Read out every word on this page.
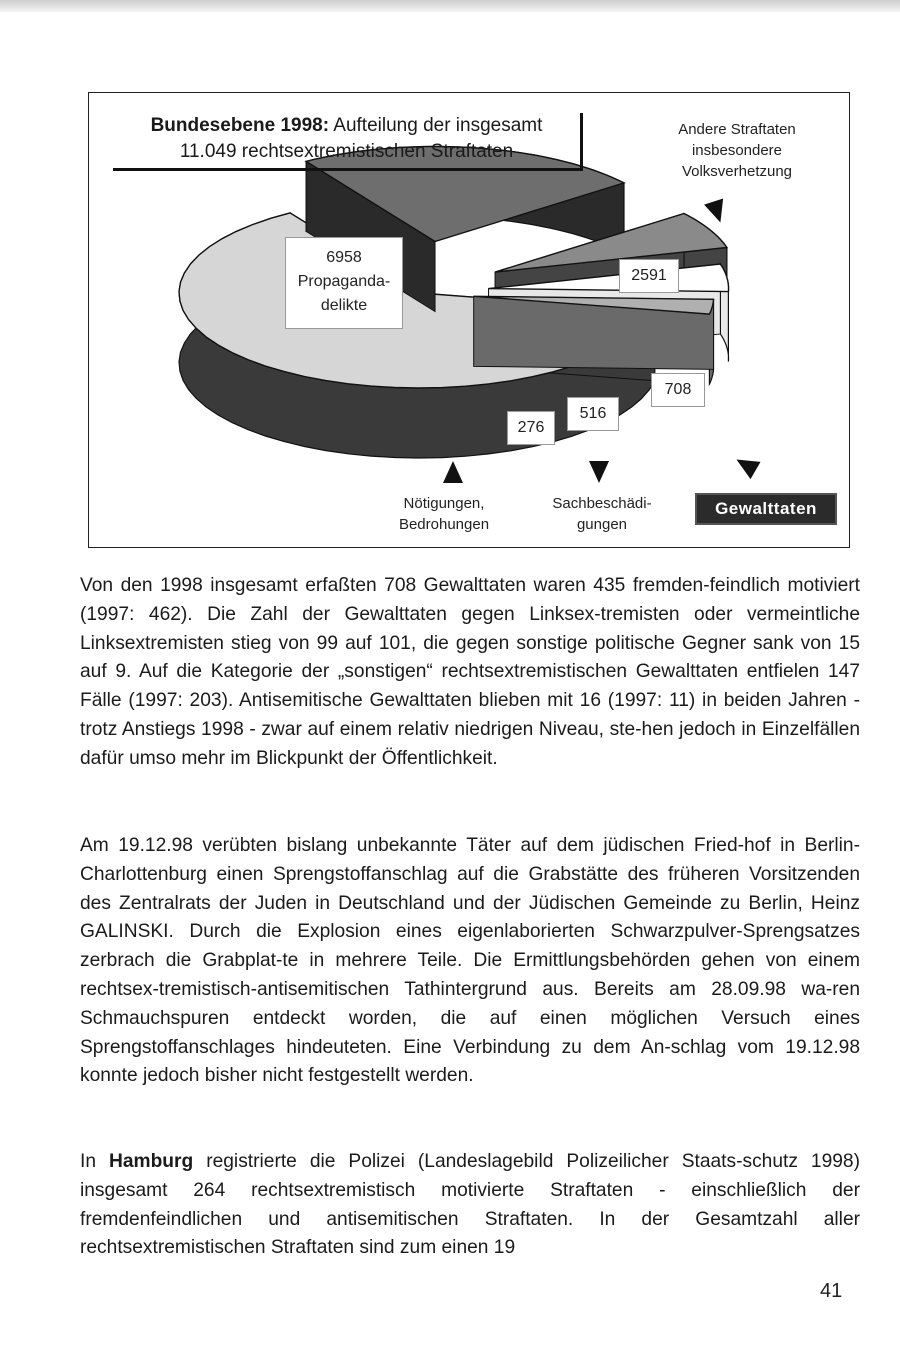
Bundesebene 1998: Aufteilung der insgesamt
11.049 rechtsextremistischen Straftaten
Andere Straftaten
insbesondere
Volksverhetzung
6958
Propaganda-
delikte
2591
708
516
276
Nötigungen,
Bedrohungen
Sachbeschädi-
gungen
Gewalttaten
Von den 1998 insgesamt erfaßten 708 Gewalttaten waren 435 fremden-feindlich motiviert (1997: 462). Die Zahl der Gewalttaten gegen Linksex-tremisten oder vermeintliche Linksextremisten stieg von 99 auf 101, die gegen sonstige politische Gegner sank von 15 auf 9. Auf die Kategorie der „sonstigen“ rechtsextremistischen Gewalttaten entfielen 147 Fälle (1997: 203). Antisemitische Gewalttaten blieben mit 16 (1997: 11) in beiden Jahren - trotz Anstiegs 1998 - zwar auf einem relativ niedrigen Niveau, ste-hen jedoch in Einzelfällen dafür umso mehr im Blickpunkt der Öffentlichkeit.
Am 19.12.98 verübten bislang unbekannte Täter auf dem jüdischen Fried-hof in Berlin-Charlottenburg einen Sprengstoffanschlag auf die Grabstätte des früheren Vorsitzenden des Zentralrats der Juden in Deutschland und der Jüdischen Gemeinde zu Berlin, Heinz GALINSKI. Durch die Explosion eines eigenlaborierten Schwarzpulver-Sprengsatzes zerbrach die Grabplat-te in mehrere Teile. Die Ermittlungsbehörden gehen von einem rechtsex-tremistisch-antisemitischen Tathintergrund aus. Bereits am 28.09.98 wa-ren Schmauchspuren entdeckt worden, die auf einen möglichen Versuch eines Sprengstoffanschlages hindeuteten. Eine Verbindung zu dem An-schlag vom 19.12.98 konnte jedoch bisher nicht festgestellt werden.
In Hamburg registrierte die Polizei (Landeslagebild Polizeilicher Staats-schutz 1998) insgesamt 264 rechtsextremistisch motivierte Straftaten - einschließlich der fremdenfeindlichen und antisemitischen Straftaten. In der Gesamtzahl aller rechtsextremistischen Straftaten sind zum einen 19
41
